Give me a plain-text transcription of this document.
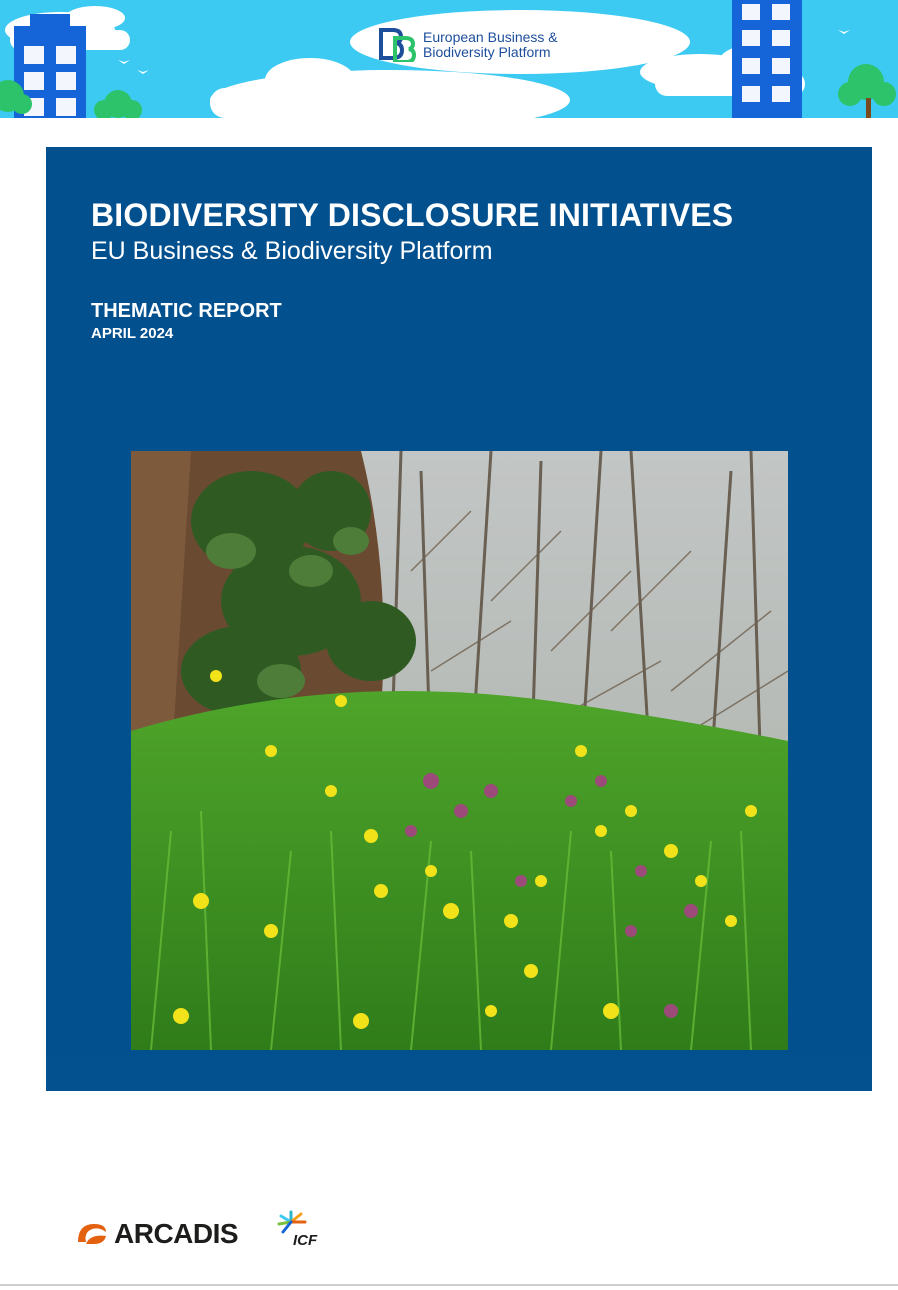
European Business &
Biodiversity Platform
BIODIVERSITY DISCLOSURE INITIATIVES
EU Business & Biodiversity Platform
THEMATIC REPORT
APRIL 2024
ARCADIS	ICF
